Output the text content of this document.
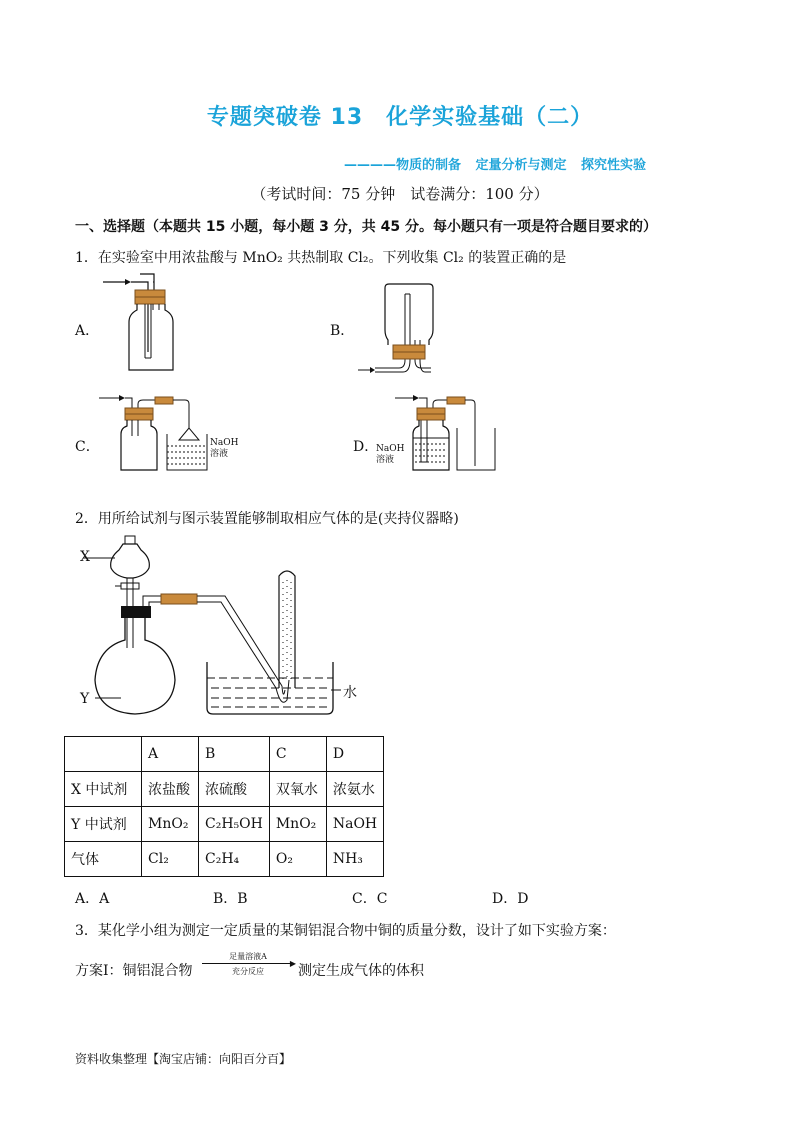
专题突破卷 13　化学实验基础（二）
————物质的制备 定量分析与测定 探究性实验
（考试时间：75 分钟　试卷满分：100 分）
一、选择题（本题共 15 小题，每小题 3 分，共 45 分。每小题只有一项是符合题目要求的）
1．在实验室中用浓盐酸与 MnO₂ 共热制取 Cl₂。下列收集 Cl₂ 的装置正确的是
A．	B．
C．	D．
NaOH
溶液	NaOH
溶液
2．用所给试剂与图示装置能够制取相应气体的是(夹持仪器略)
X
Y	水
	A	B	C	D
X 中试剂	浓盐酸	浓硫酸	双氧水	浓氨水
Y 中试剂	MnO₂	C₂H₅OH	MnO₂	NaOH
气体	Cl₂	C₂H₄	O₂	NH₃
A．A	B．B	C．C	D．D
3．某化学小组为测定一定质量的某铜铝混合物中铜的质量分数，设计了如下实验方案：
方案Ⅰ：铜铝混合物
足量溶液A
▶
充分反应	测定生成气体的体积
资料收集整理【淘宝店铺：向阳百分百】
